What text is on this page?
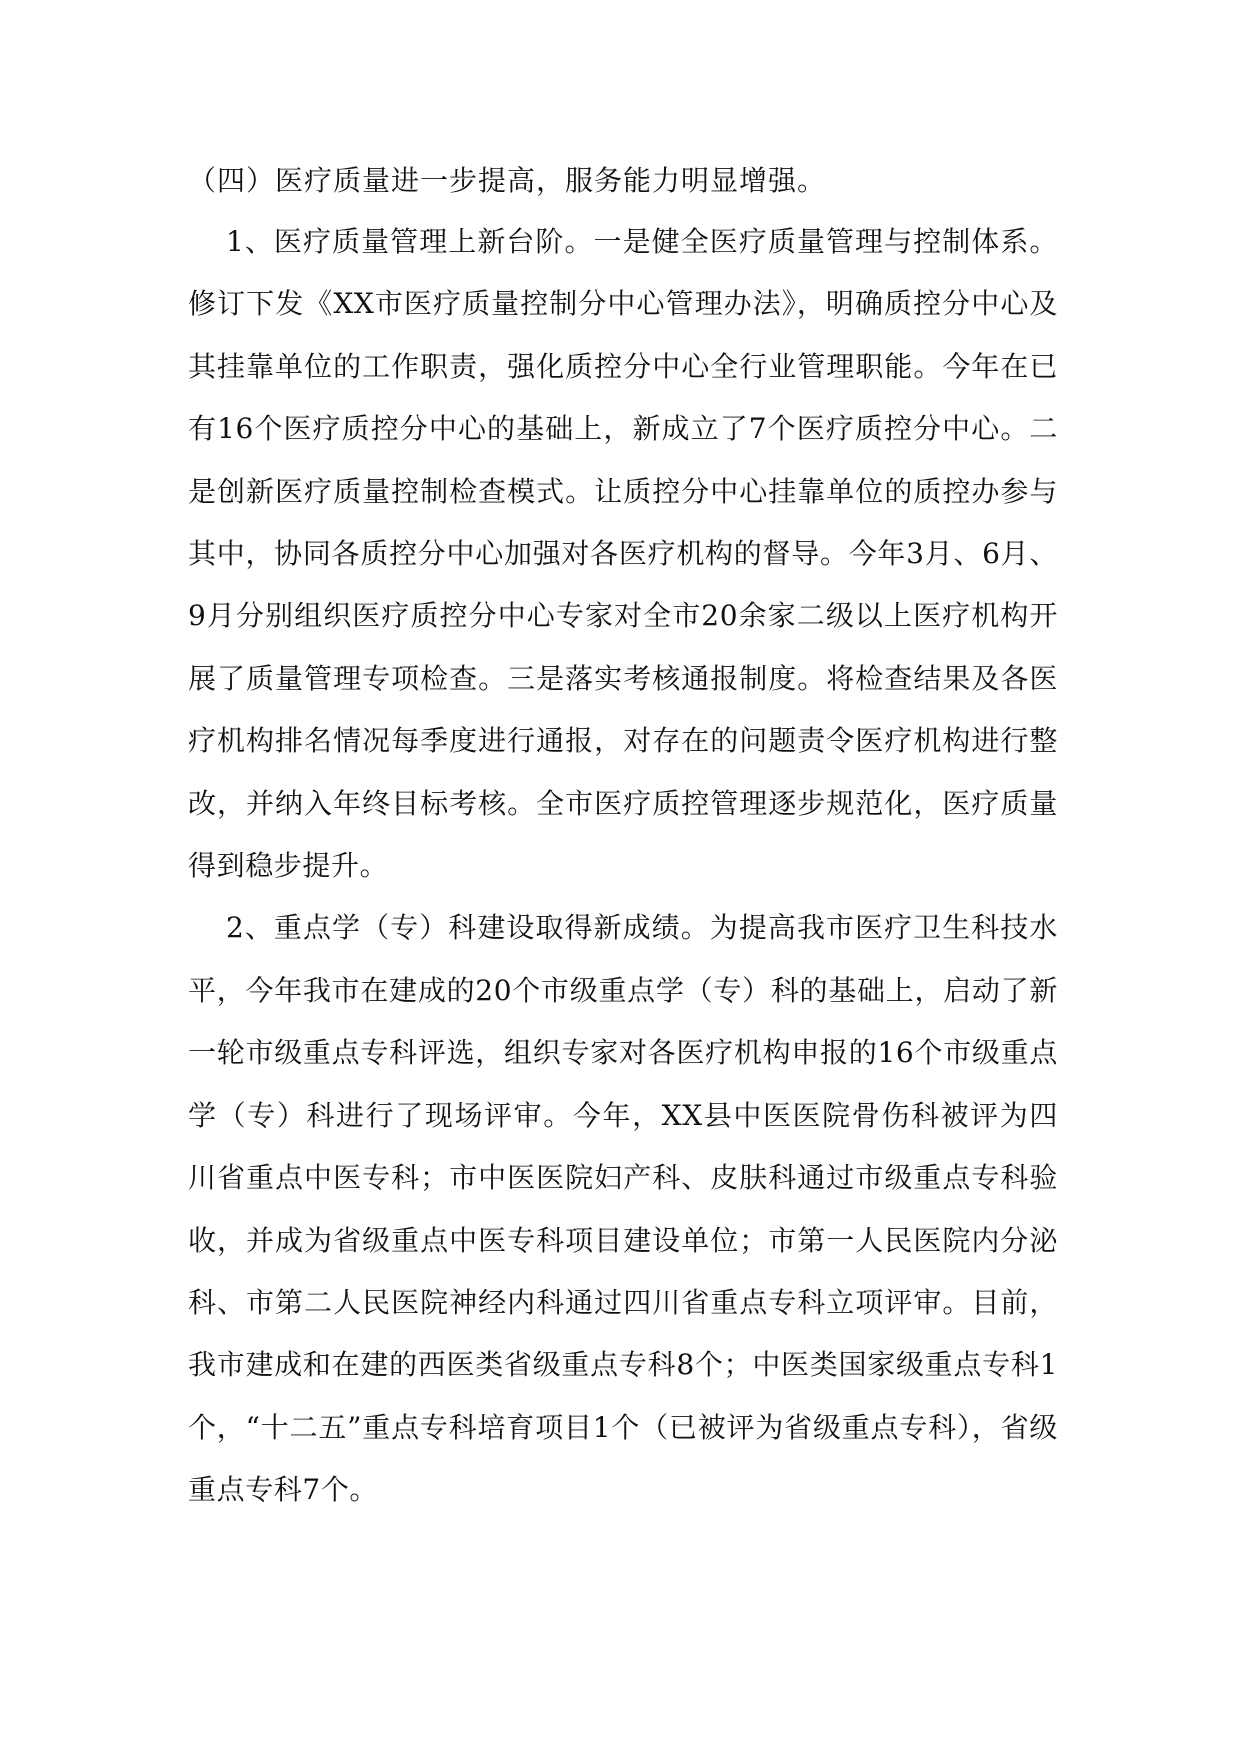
（四）医疗质量进一步提高，服务能力明显增强。

1、医疗质量管理上新台阶。一是健全医疗质量管理与控制体系。修订下发《XX市医疗质量控制分中心管理办法》，明确质控分中心及其挂靠单位的工作职责，强化质控分中心全行业管理职能。今年在已有16个医疗质控分中心的基础上，新成立了7个医疗质控分中心。二是创新医疗质量控制检查模式。让质控分中心挂靠单位的质控办参与其中，协同各质控分中心加强对各医疗机构的督导。今年3月、6月、9月分别组织医疗质控分中心专家对全市20余家二级以上医疗机构开展了质量管理专项检查。三是落实考核通报制度。将检查结果及各医疗机构排名情况每季度进行通报，对存在的问题责令医疗机构进行整改，并纳入年终目标考核。全市医疗质控管理逐步规范化，医疗质量得到稳步提升。

2、重点学（专）科建设取得新成绩。为提高我市医疗卫生科技水平，今年我市在建成的20个市级重点学（专）科的基础上，启动了新一轮市级重点专科评选，组织专家对各医疗机构申报的16个市级重点学（专）科进行了现场评审。今年，XX县中医医院骨伤科被评为四川省重点中医专科；市中医医院妇产科、皮肤科通过市级重点专科验收，并成为省级重点中医专科项目建设单位；市第一人民医院内分泌科、市第二人民医院神经内科通过四川省重点专科立项评审。目前，我市建成和在建的西医类省级重点专科8个；中医类国家级重点专科1个，“十二五”重点专科培育项目1个（已被评为省级重点专科），省级重点专科7个。
